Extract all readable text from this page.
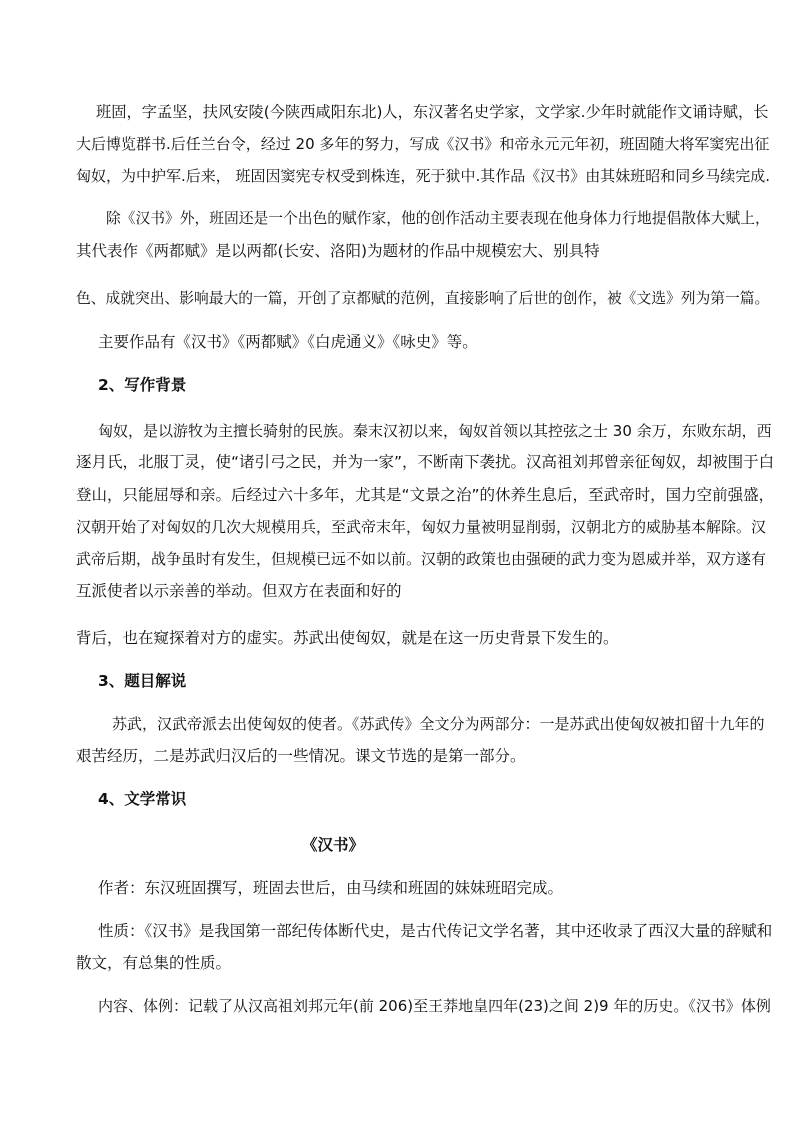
班固，字孟坚，扶风安陵(今陕西咸阳东北)人，东汉著名史学家，文学家.少年时就能作文诵诗赋，长
大后博览群书.后任兰台令，经过 20 多年的努力，写成《汉书》和帝永元元年初，班固随大将军窦宪出征
匈奴，为中护军.后来， 班固因窦宪专权受到株连，死于狱中.其作品《汉书》由其妹班昭和同乡马续完成.
除《汉书》外，班固还是一个出色的赋作家，他的创作活动主要表现在他身体力行地提倡散体大赋上，
其代表作《两都赋》是以两都(长安、洛阳)为题材的作品中规模宏大、别具特
色、成就突出、影响最大的一篇，开创了京都赋的范例，直接影响了后世的创作，被《文选》列为第一篇。
主要作品有《汉书》《两都赋》《白虎通义》《咏史》等。
2、写作背景
匈奴，是以游牧为主擅长骑射的民族。秦末汉初以来，匈奴首领以其控弦之士 30 余万，东败东胡，西
逐月氏，北服丁灵，使“诸引弓之民，并为一家”，不断南下袭扰。汉高祖刘邦曾亲征匈奴，却被围于白
登山，只能屈辱和亲。后经过六十多年，尤其是“文景之治”的休养生息后，至武帝时，国力空前强盛，
汉朝开始了对匈奴的几次大规模用兵，至武帝末年，匈奴力量被明显削弱，汉朝北方的威胁基本解除。汉
武帝后期，战争虽时有发生，但规模已远不如以前。汉朝的政策也由强硬的武力变为恩威并举，双方遂有
互派使者以示亲善的举动。但双方在表面和好的
背后，也在窥探着对方的虚实。苏武出使匈奴，就是在这一历史背景下发生的。
3、题目解说
苏武，汉武帝派去出使匈奴的使者。《苏武传》全文分为两部分：一是苏武出使匈奴被扣留十九年的
艰苦经历，二是苏武归汉后的一些情况。课文节选的是第一部分。
4、文学常识
《汉书》
作者：东汉班固撰写，班固去世后，由马续和班固的妹妹班昭完成。
性质：《汉书》是我国第一部纪传体断代史，是古代传记文学名著，其中还收录了西汉大量的辞赋和
散文，有总集的性质。
内容、体例：记载了从汉高祖刘邦元年(前 206)至王莽地皇四年(23)之间 2)9 年的历史。《汉书》体例
